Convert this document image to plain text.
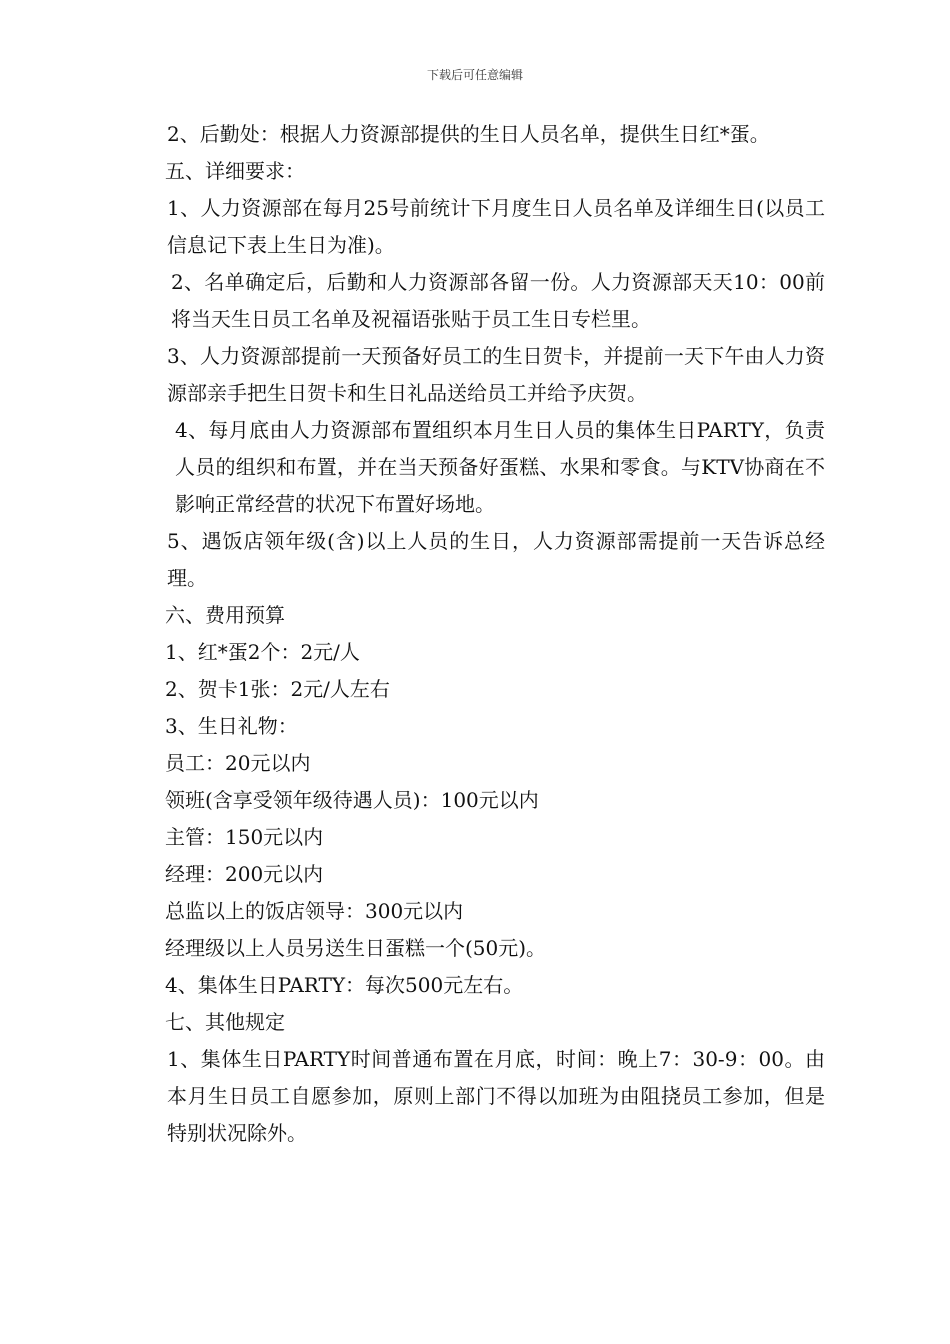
下载后可任意编辑

2、后勤处：根据人力资源部提供的生日人员名单，提供生日红*蛋。

五、详细要求：

1、人力资源部在每月25号前统计下月度生日人员名单及详细生日(以员工信息记下表上生日为准)。

2、名单确定后，后勤和人力资源部各留一份。人力资源部天天10：00前将当天生日员工名单及祝福语张贴于员工生日专栏里。

3、人力资源部提前一天预备好员工的生日贺卡，并提前一天下午由人力资源部亲手把生日贺卡和生日礼品送给员工并给予庆贺。

4、每月底由人力资源部布置组织本月生日人员的集体生日PARTY，负责人员的组织和布置，并在当天预备好蛋糕、水果和零食。与KTV协商在不影响正常经营的状况下布置好场地。

5、遇饭店领年级(含)以上人员的生日，人力资源部需提前一天告诉总经理。

六、费用预算

1、红*蛋2个：2元/人

2、贺卡1张：2元/人左右

3、生日礼物：

员工：20元以内

领班(含享受领年级待遇人员)：100元以内

主管：150元以内

经理：200元以内

总监以上的饭店领导：300元以内

经理级以上人员另送生日蛋糕一个(50元)。

4、集体生日PARTY：每次500元左右。

七、其他规定

1、集体生日PARTY时间普通布置在月底，时间：晚上7：30-9：00。由本月生日员工自愿参加，原则上部门不得以加班为由阻挠员工参加，但是特别状况除外。
